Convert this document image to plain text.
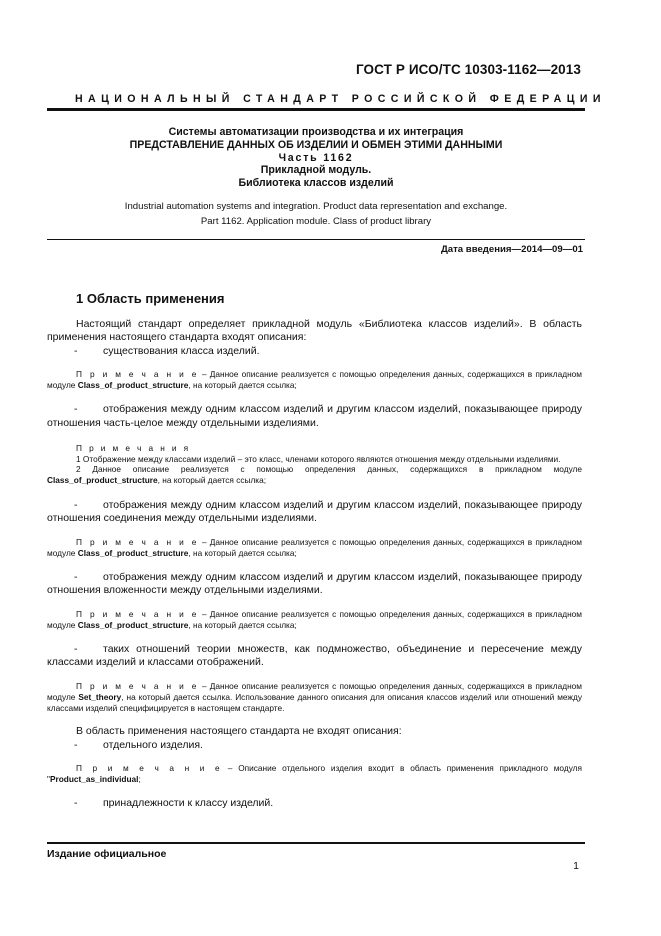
ГОСТ Р ИСО/ТС 10303-1162—2013
НАЦИОНАЛЬНЫЙ СТАНДАРТ РОССИЙСКОЙ ФЕДЕРАЦИИ
Системы автоматизации производства и их интеграция
ПРЕДСТАВЛЕНИЕ ДАННЫХ ОБ ИЗДЕЛИИ И ОБМЕН ЭТИМИ ДАННЫМИ
Часть 1162
Прикладной модуль.
Библиотека классов изделий
Industrial automation systems and integration. Product data representation and exchange.
Part 1162. Application module. Class of product library
Дата введения—2014—09—01
1 Область применения

Настоящий стандарт определяет прикладной модуль «Библиотека классов изделий». В область применения настоящего стандарта входят описания:

-	существования класса изделий.

П р и м е ч а н и е – Данное описание реализуется с помощью определения данных, содержащихся в прикладном модуле Class_of_product_structure, на который дается ссылка;

- отображения между одним классом изделий и другим классом изделий, показывающее природу отношения часть-целое между отдельными изделиями.

П р и м е ч а н и я

1 Отображение между классами изделий – это класс, членами которого являются отношения между отдельными изделиями.

2 Данное описание реализуется с помощью определения данных, содержащихся в прикладном модуле Class_of_product_structure, на который дается ссылка;

- отображения между одним классом изделий и другим классом изделий, показывающее природу отношения соединения между отдельными изделиями.

П р и м е ч а н и е – Данное описание реализуется с помощью определения данных, содержащихся в прикладном модуле Class_of_product_structure, на который дается ссылка;

- отображения между одним классом изделий и другим классом изделий, показывающее природу отношения вложенности между отдельными изделиями.

П р и м е ч а н и е – Данное описание реализуется с помощью определения данных, содержащихся в прикладном модуле Class_of_product_structure, на который дается ссылка;

- таких отношений теории множеств, как подмножество, объединение и пересечение между классами изделий и классами отображений.

П р и м е ч а н и е – Данное описание реализуется с помощью определения данных, содержащихся в прикладном модуле Set_theory, на который дается ссылка. Использование данного описания для описания классов изделий или отношений между классами изделий специфицируется в настоящем стандарте.

В область применения настоящего стандарта не входят описания:

-	отдельного изделия.

П р и м е ч а н и е – Описание отдельного изделия входит в область применения прикладного модуля "Product_as_individual;

-	принадлежности к классу изделий.
Издание официальное
1
